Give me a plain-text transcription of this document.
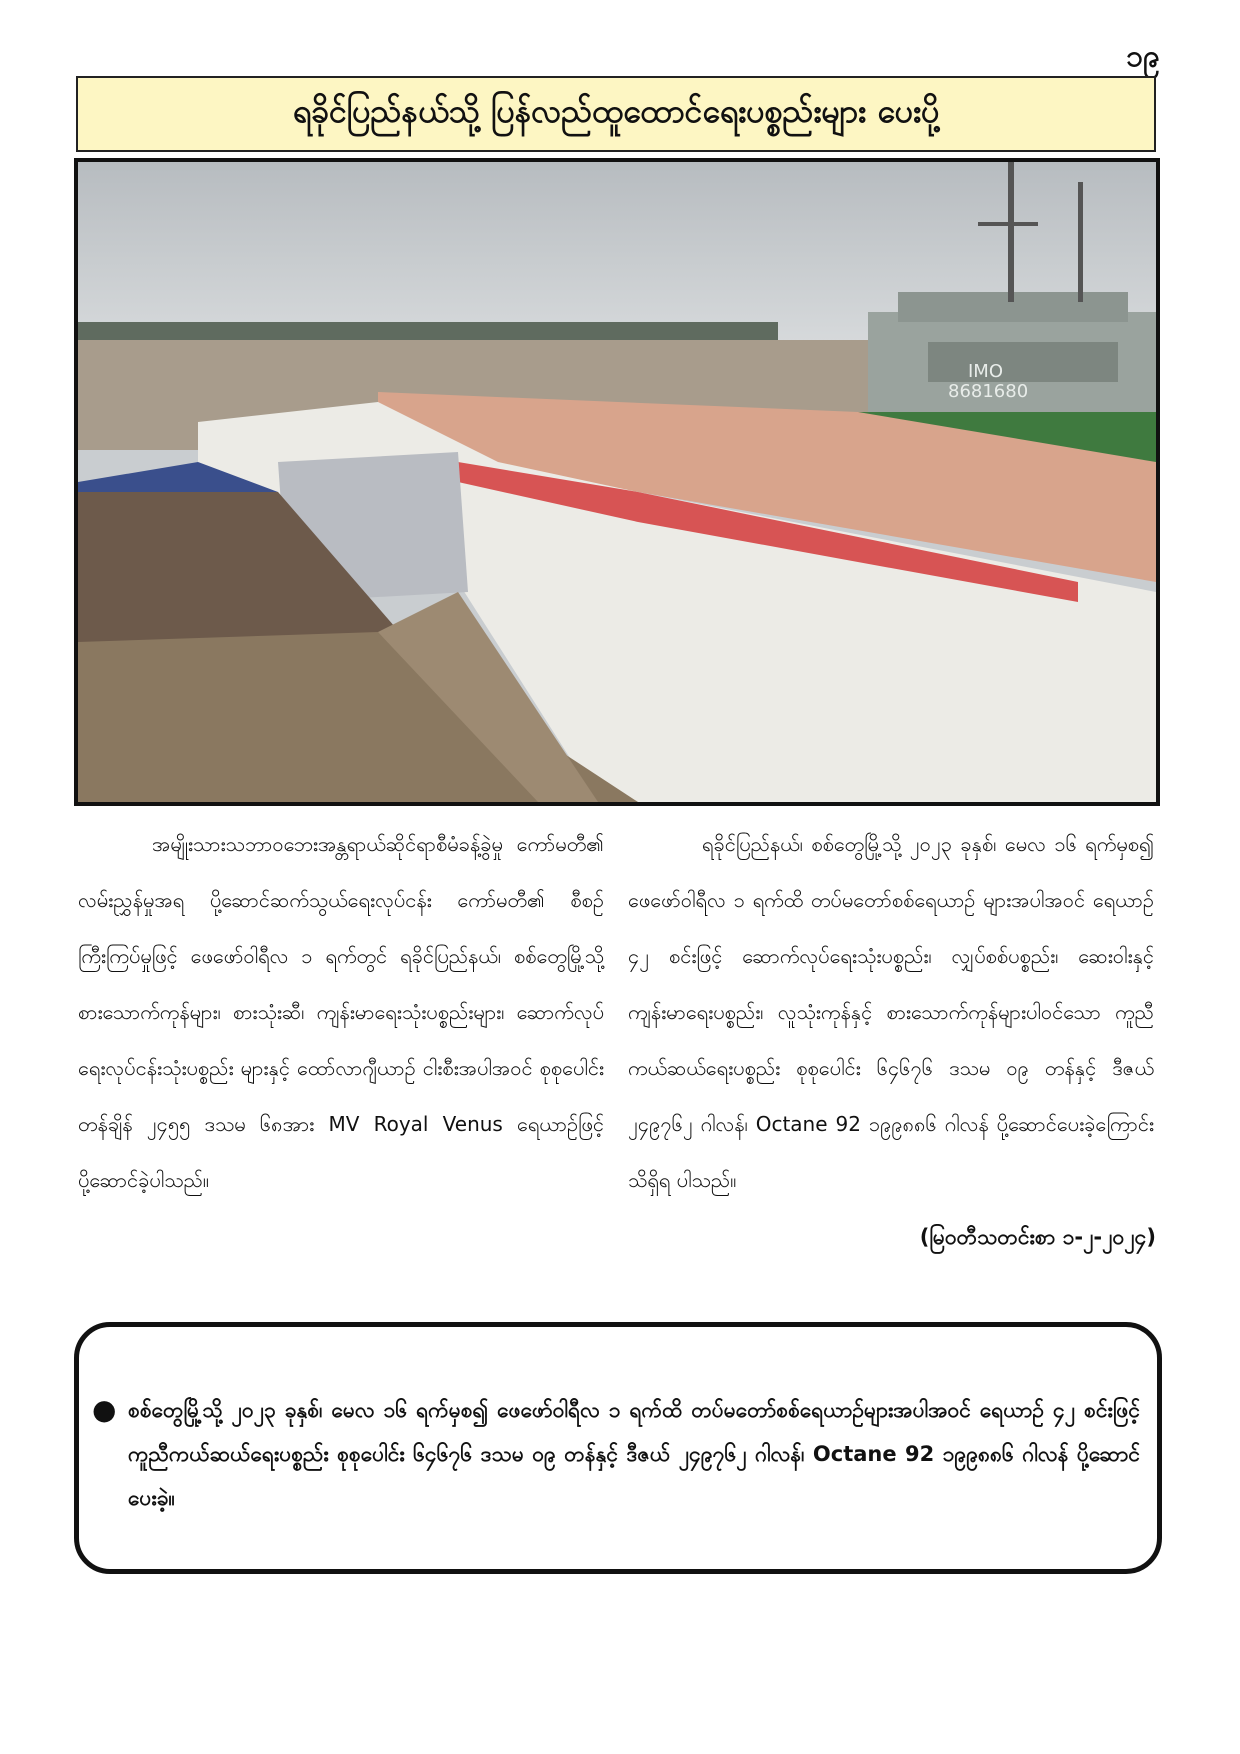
၁၉
ရခိုင်ပြည်နယ်သို့ ပြန်လည်ထူထောင်ရေးပစ္စည်းများ ပေးပို့
IMO
8681680

အမျိုးသားသဘာဝဘေးအန္တရာယ်ဆိုင်ရာစီမံခန့်ခွဲမှု ကော်မတီ၏ လမ်းညွှန်မှုအရ ပို့ဆောင်ဆက်သွယ်ရေးလုပ်ငန်း ကော်မတီ၏ စီစဉ်ကြီးကြပ်မှုဖြင့် ဖေဖော်ဝါရီလ ၁ ရက်တွင် ရခိုင်ပြည်နယ်၊ စစ်တွေမြို့သို့ စားသောက်ကုန်များ၊ စားသုံးဆီ၊ ကျန်းမာရေးသုံးပစ္စည်းများ၊ ဆောက်လုပ်ရေးလုပ်ငန်းသုံးပစ္စည်း များနှင့် ထော်လာဂျီယာဉ် ငါးစီးအပါအဝင် စုစုပေါင်းတန်ချိန် ၂၄၅၅ ဒသမ ၆၈အား MV Royal Venus ရေယာဉ်ဖြင့် ပို့ဆောင်ခဲ့ပါသည်။

ရခိုင်ပြည်နယ်၊ စစ်တွေမြို့သို့ ၂၀၂၃ ခုနှစ်၊ မေလ ၁၆ ရက်မှစ၍ ဖေဖော်ဝါရီလ ၁ ရက်ထိ တပ်မတော်စစ်ရေယာဉ် များအပါအဝင် ရေယာဉ် ၄၂ စင်းဖြင့် ဆောက်လုပ်ရေးသုံးပစ္စည်း၊ လျှပ်စစ်ပစ္စည်း၊ ဆေးဝါးနှင့် ကျန်းမာရေးပစ္စည်း၊ လူသုံးကုန်နှင့် စားသောက်ကုန်များပါဝင်သော ကူညီကယ်ဆယ်ရေးပစ္စည်း စုစုပေါင်း ၆၄၆၇၆ ဒသမ ၀၉ တန်နှင့် ဒီဇယ် ၂၄၉၇၆၂ ဂါလန်၊ Octane 92 ၁၉၉၈၈၆ ဂါလန် ပို့ဆောင်ပေးခဲ့ကြောင်း သိရှိရ ပါသည်။

(မြဝတီသတင်းစာ ၁-၂-၂၀၂၄)
● စစ်တွေမြို့သို့ ၂၀၂၃ ခုနှစ်၊ မေလ ၁၆ ရက်မှစ၍ ဖေဖော်ဝါရီလ ၁ ရက်ထိ တပ်မတော်စစ်ရေယာဉ်များအပါအဝင် ရေယာဉ် ၄၂ စင်းဖြင့် ကူညီကယ်ဆယ်ရေးပစ္စည်း စုစုပေါင်း ၆၄၆၇၆ ဒသမ ၀၉ တန်နှင့် ဒီဇယ် ၂၄၉၇၆၂ ဂါလန်၊ Octane 92 ၁၉၉၈၈၆ ဂါလန် ပို့ဆောင်ပေးခဲ့။
